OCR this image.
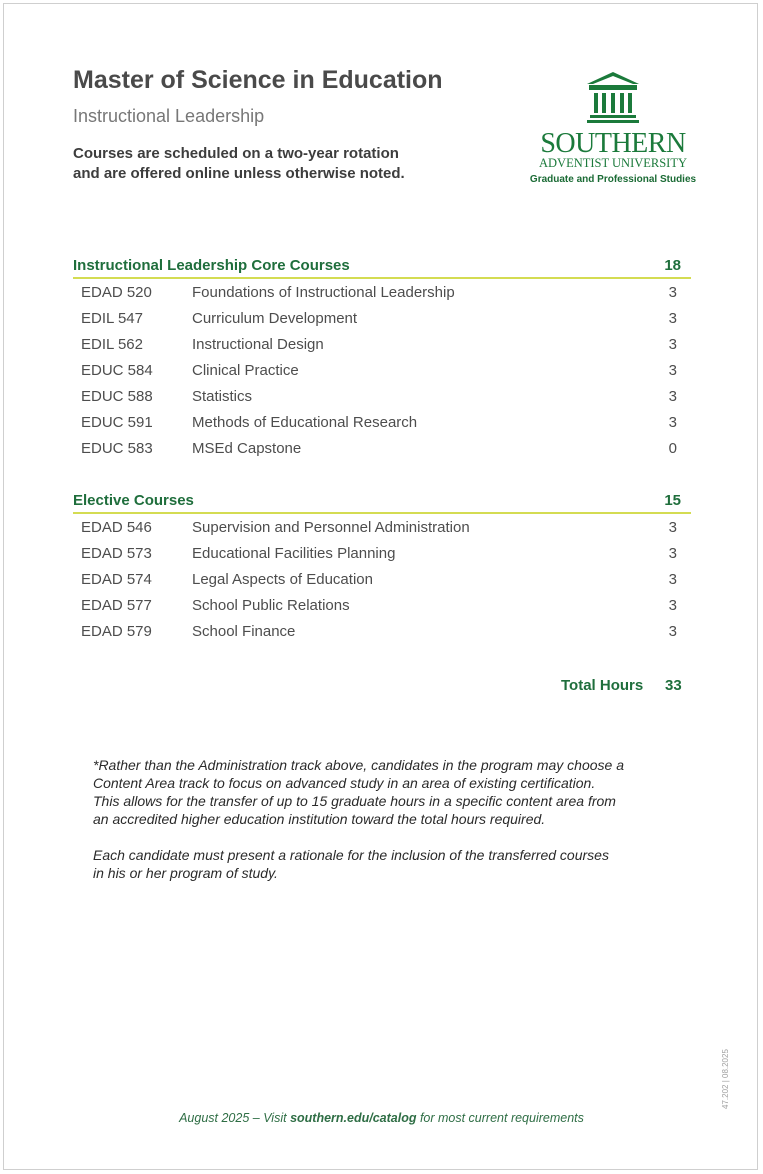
Master of Science in Education

Instructional Leadership

Courses are scheduled on a two-year rotation
and are offered online unless otherwise noted.
SOUTHERN
ADVENTIST UNIVERSITY
Graduate and Professional Studies
Instructional Leadership Core Courses	18
EDAD 520	Foundations of Instructional Leadership	3
EDIL 547	Curriculum Development	3
EDIL 562	Instructional Design	3
EDUC 584	Clinical Practice	3
EDUC 588	Statistics	3
EDUC 591	Methods of Educational Research	3
EDUC 583	MSEd Capstone	0
Elective Courses	15
EDAD 546	Supervision and Personnel Administration	3
EDAD 573	Educational Facilities Planning	3
EDAD 574	Legal Aspects of Education	3
EDAD 577	School Public Relations	3
EDAD 579	School Finance	3
Total Hours 33
*Rather than the Administration track above, candidates in the program may choose a
Content Area track to focus on advanced study in an area of existing certification.
This allows for the transfer of up to 15 graduate hours in a specific content area from
an accredited higher education institution toward the total hours required.
Each candidate must present a rationale for the inclusion of the transferred courses
in his or her program of study.
47.202 | 08.2025
August 2025 – Visit southern.edu/catalog for most current requirements
